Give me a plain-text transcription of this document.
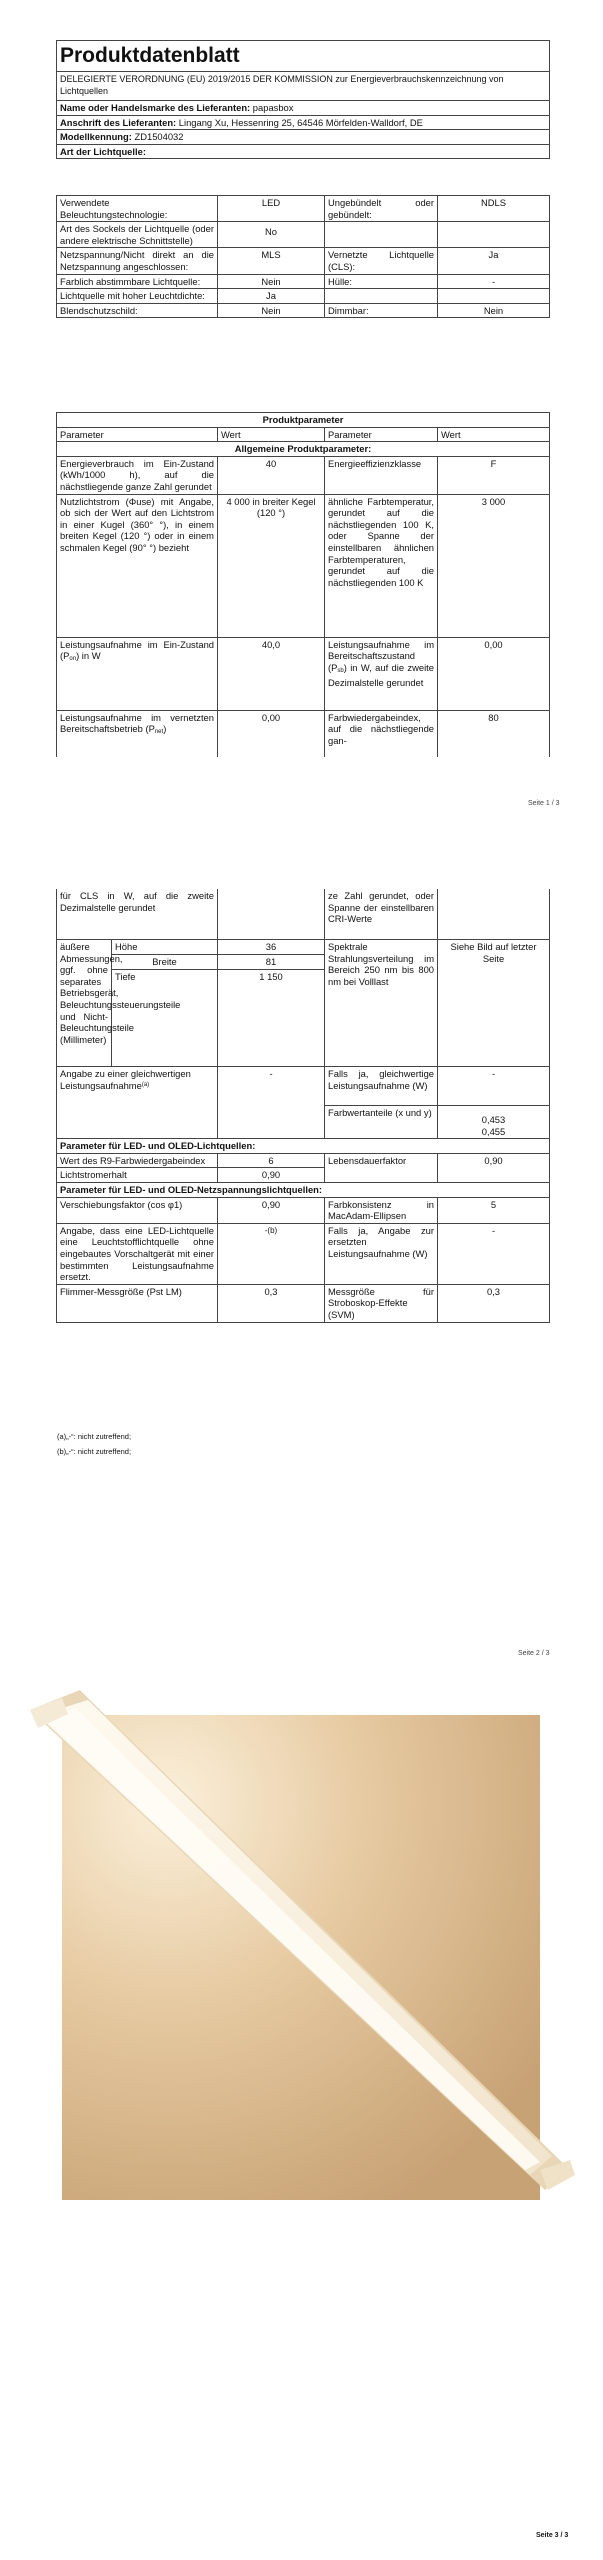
Produktdatenblatt
DELEGIERTE VERORDNUNG (EU) 2019/2015 DER KOMMISSION zur Energieverbrauchskennzeichnung von Lichtquellen
Name oder Handelsmarke des Lieferanten: papasbox
Anschrift des Lieferanten: Lingang Xu, Hessenring 25, 64546 Mörfelden-Walldorf, DE
Modellkennung: ZD1504032
Art der Lichtquelle:
Verwendete Beleuchtungstechnologie:	LED	Ungebündelt oder gebündelt:	NDLS
Art des Sockels der Lichtquelle (oder andere elektrische Schnittstelle)	No		
Netzspannung/Nicht direkt an die Netzspannung angeschlossen:	MLS	Vernetzte Lichtquelle (CLS):	Ja
Farblich abstimmbare Lichtquelle:	Nein	Hülle:	-
Lichtquelle mit hoher Leuchtdichte:	Ja		
Blendschutzschild:	Nein	Dimmbar:	Nein
Produktparameter			
Parameter	Wert	Parameter	Wert
Allgemeine Produktparameter:			
Energieverbrauch im Ein-Zustand (kWh/1000 h), auf die nächstliegende ganze Zahl gerundet	40	Energieeffizienzklasse	F
Nutzlichtstrom (Φuse) mit Angabe, ob sich der Wert auf den Lichtstrom in einer Kugel (360° °), in einem breiten Kegel (120 °) oder in einem schmalen Kegel (90° °) bezieht	4 000 in breiter Kegel (120 °)	ähnliche Farbtemperatur, gerundet auf die nächstliegenden 100 K, oder Spanne der einstellbaren ähnlichen Farbtemperaturen, gerundet auf die nächstliegenden 100 K	3 000
Leistungsaufnahme im Ein-Zustand (Pon) in W	40,0	Leistungsaufnahme im Bereitschaftszustand (Psb) in W, auf die zweite Dezimalstelle gerundet	0,00
Leistungsaufnahme im vernetzten Bereitschaftsbetrieb (Pnet)	0,00	Farbwiedergabeindex, auf die nächstliegende gan-	80
Seite 1 / 3
für CLS in W, auf die zweite Dezimalstelle gerundet			ze Zahl gerundet, oder Spanne der einstellbaren CRI-Werte	
äußere Abmessungen, ggf. ohne separates Betriebsgerät, Beleuchtungssteuerungsteile und Nicht-Beleuchtungsteile (Millimeter)	Höhe	36	Spektrale Strahlungsverteilung im Bereich 250 nm bis 800 nm bei Volllast	Siehe Bild auf letzter Seite
	Breite	81		
	Tiefe	1 150		
Angabe zu einer gleichwertigen Leistungsaufnahme$^{(a)}$		-	Falls ja, gleichwertige Leistungsaufnahme (W)	-
			Farbwertanteile (x und y)	0,453
0,455
Parameter für LED- und OLED-Lichtquellen:				
Wert des R9-Farbwiedergabeindex		6	Lebensdauerfaktor	0,90
Lichtstromerhalt		0,90		
Parameter für LED- und OLED-Netzspannungslichtquellen:				
Verschiebungsfaktor (cos φ1)		0,90	Farbkonsistenz in MacAdam-Ellipsen	5
Angabe, dass eine LED-Lichtquelle eine Leuchtstofflichtquelle ohne eingebautes Vorschaltgerät mit einer bestimmten Leistungsaufnahme ersetzt.		-(b)	Falls ja, Angabe zur ersetzten Leistungsaufnahme (W)	-
Flimmer-Messgröße (Pst LM)		0,3	Messgröße für Stroboskop-Effekte (SVM)	0,3
(a)„-“: nicht zutreffend;
(b)„-“: nicht zutreffend;
Seite 2 / 3
Seite 3 / 3
